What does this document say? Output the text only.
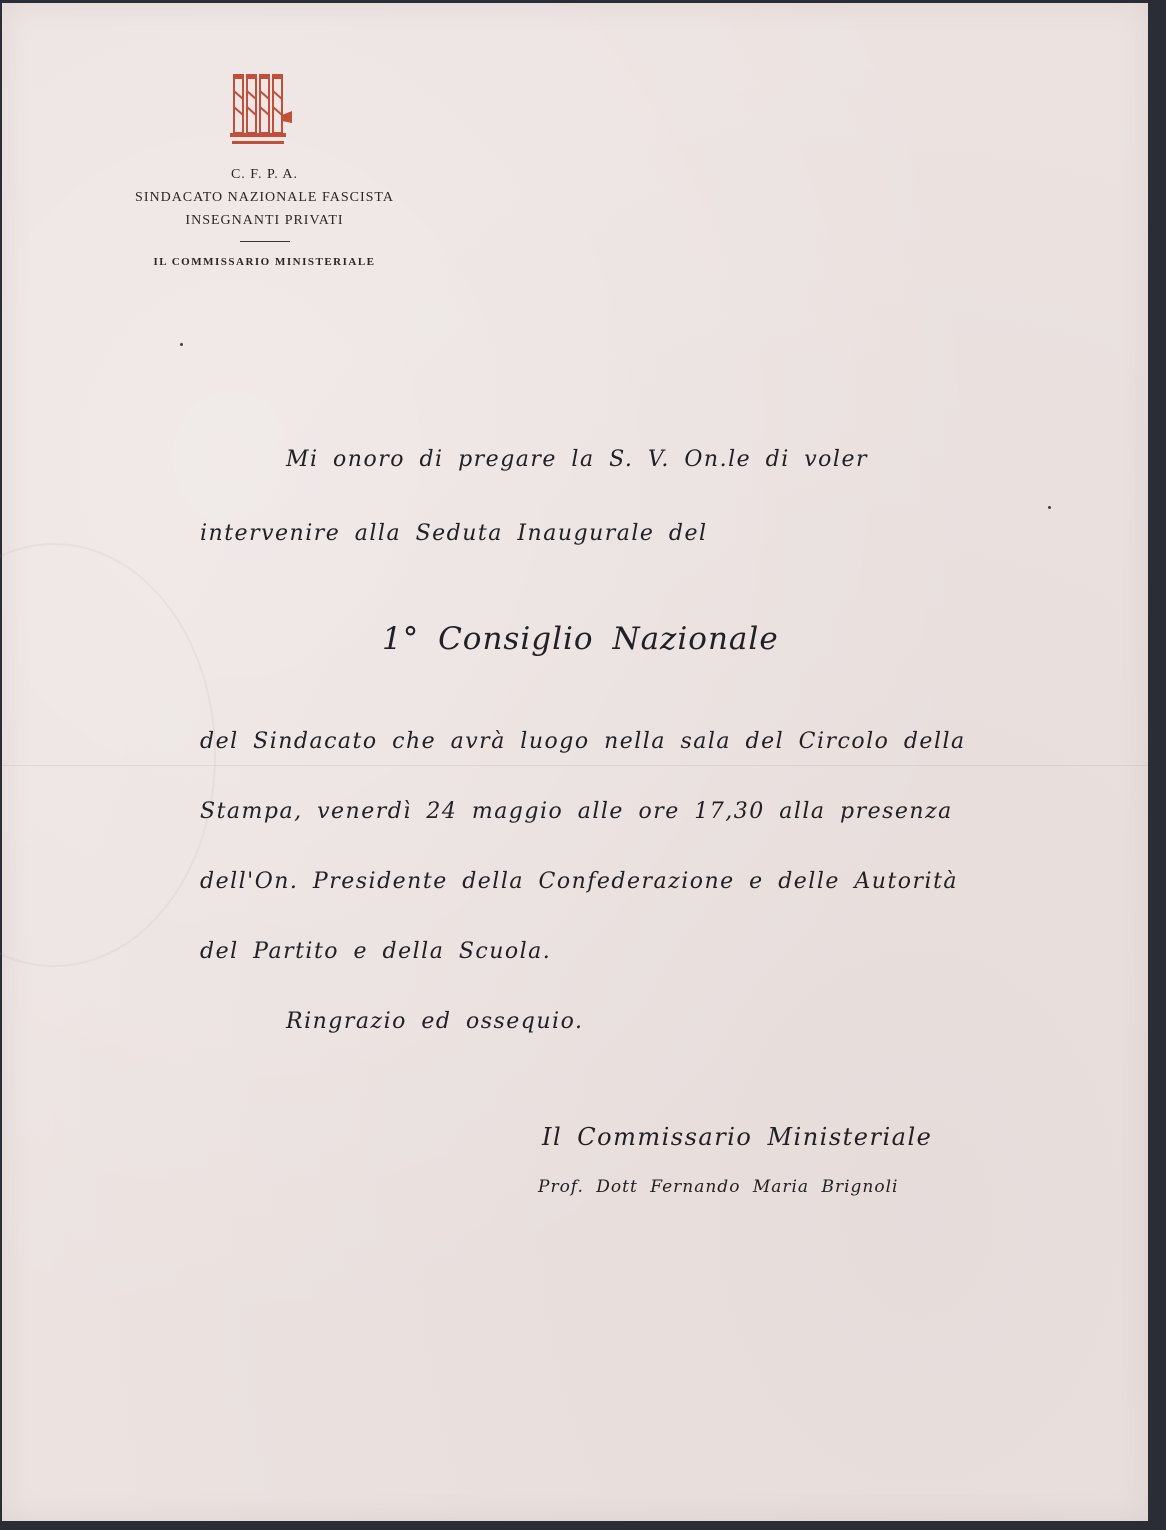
C. F. P. A.
SINDACATO NAZIONALE FASCISTA
INSEGNANTI PRIVATI
IL COMMISSARIO MINISTERIALE
Mi onoro di pregare la S. V. On.le di voler
intervenire alla Seduta Inaugurale del
1° Consiglio Nazionale
del Sindacato che avrà luogo nella sala del Circolo della
Stampa, venerdì 24 maggio alle ore 17,30 alla presenza
dell'On. Presidente della Confederazione e delle Autorità
del Partito e della Scuola.
Ringrazio ed ossequio.
Il Commissario Ministeriale
Prof. Dott Fernando Maria Brignoli
